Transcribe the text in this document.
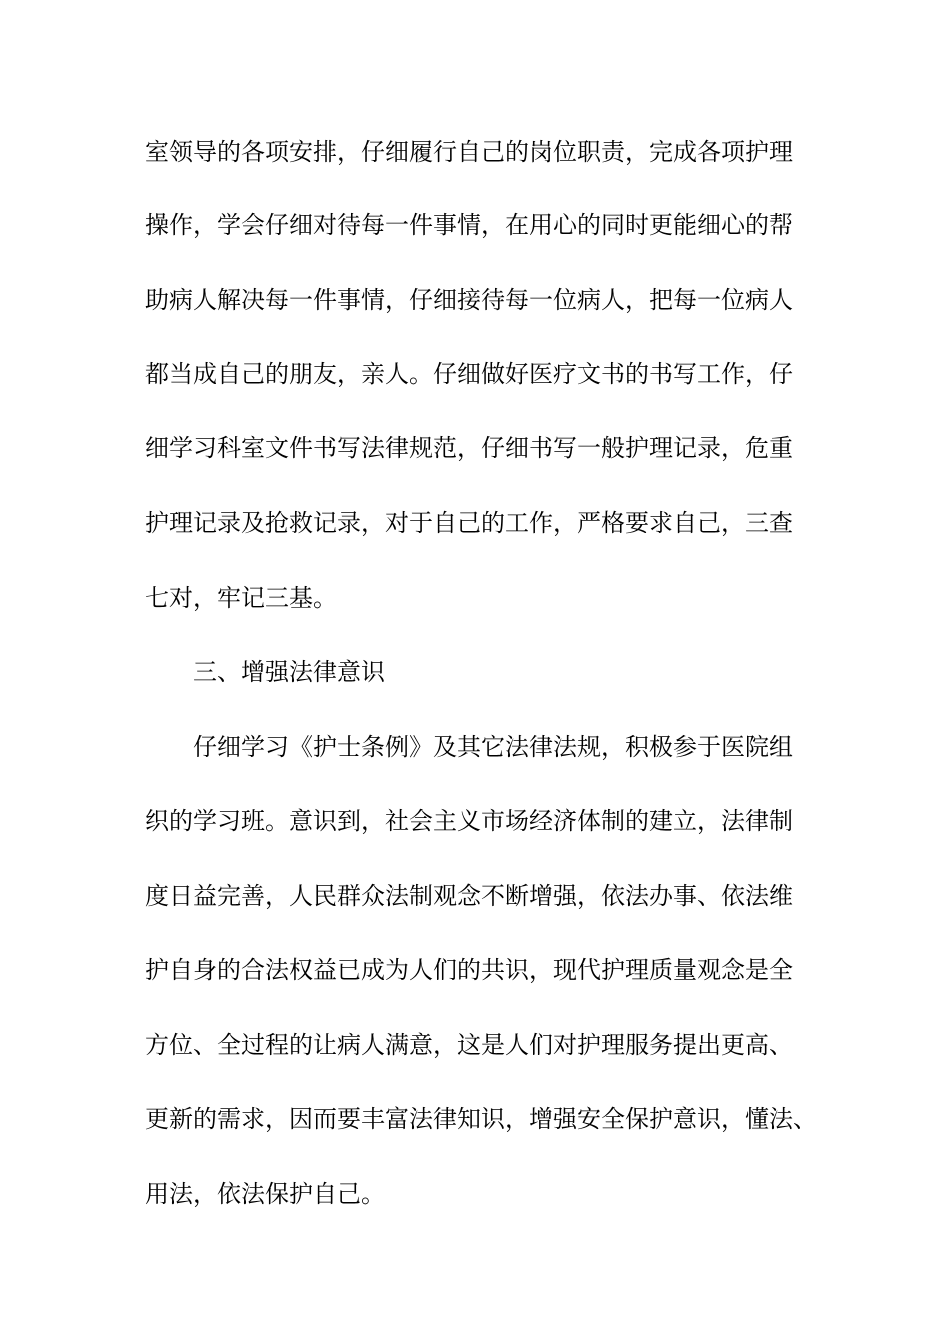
室领导的各项安排，仔细履行自己的岗位职责，完成各项护理
操作，学会仔细对待每一件事情，在用心的同时更能细心的帮
助病人解决每一件事情，仔细接待每一位病人，把每一位病人
都当成自己的朋友，亲人。仔细做好医疗文书的书写工作，仔
细学习科室文件书写法律规范，仔细书写一般护理记录，危重
护理记录及抢救记录，对于自己的工作，严格要求自己，三查
七对，牢记三基。
三、增强法律意识
仔细学习《护士条例》及其它法律法规，积极参于医院组
织的学习班。意识到，社会主义市场经济体制的建立，法律制
度日益完善，人民群众法制观念不断增强，依法办事、依法维
护自身的合法权益已成为人们的共识，现代护理质量观念是全
方位、全过程的让病人满意，这是人们对护理服务提出更高、
更新的需求，因而要丰富法律知识，增强安全保护意识，懂法、
用法，依法保护自己。
